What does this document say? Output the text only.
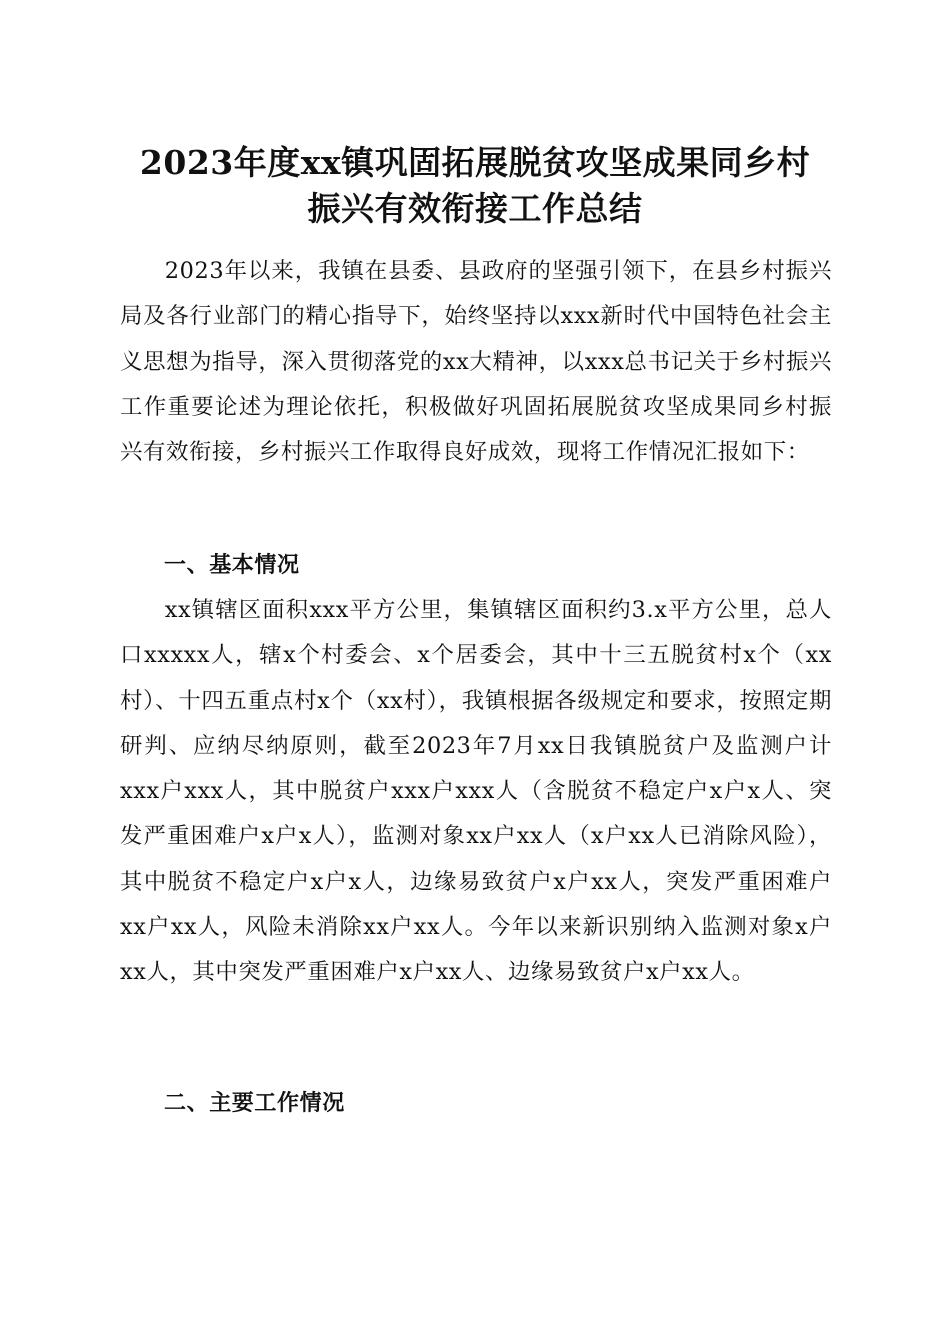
2023年度xx镇巩固拓展脱贫攻坚成果同乡村
振兴有效衔接工作总结

2023年以来，我镇在县委、县政府的坚强引领下，在县乡村振兴局及各行业部门的精心指导下，始终坚持以xxx新时代中国特色社会主义思想为指导，深入贯彻落党的xx大精神，以xxx总书记关于乡村振兴工作重要论述为理论依托，积极做好巩固拓展脱贫攻坚成果同乡村振兴有效衔接，乡村振兴工作取得良好成效，现将工作情况汇报如下：

一、基本情况

xx镇辖区面积xxx平方公里，集镇辖区面积约3.x平方公里，总人口xxxxx人，辖x个村委会、x个居委会，其中十三五脱贫村x个（xx村）、十四五重点村x个（xx村），我镇根据各级规定和要求，按照定期研判、应纳尽纳原则，截至2023年7月xx日我镇脱贫户及监测户计xxx户xxx人，其中脱贫户xxx户xxx人（含脱贫不稳定户x户x人、突发严重困难户x户x人），监测对象xx户xx人（x户xx人已消除风险），其中脱贫不稳定户x户x人，边缘易致贫户x户xx人，突发严重困难户xx户xx人，风险未消除xx户xx人。今年以来新识别纳入监测对象x户xx人，其中突发严重困难户x户xx人、边缘易致贫户x户xx人。

二、主要工作情况
